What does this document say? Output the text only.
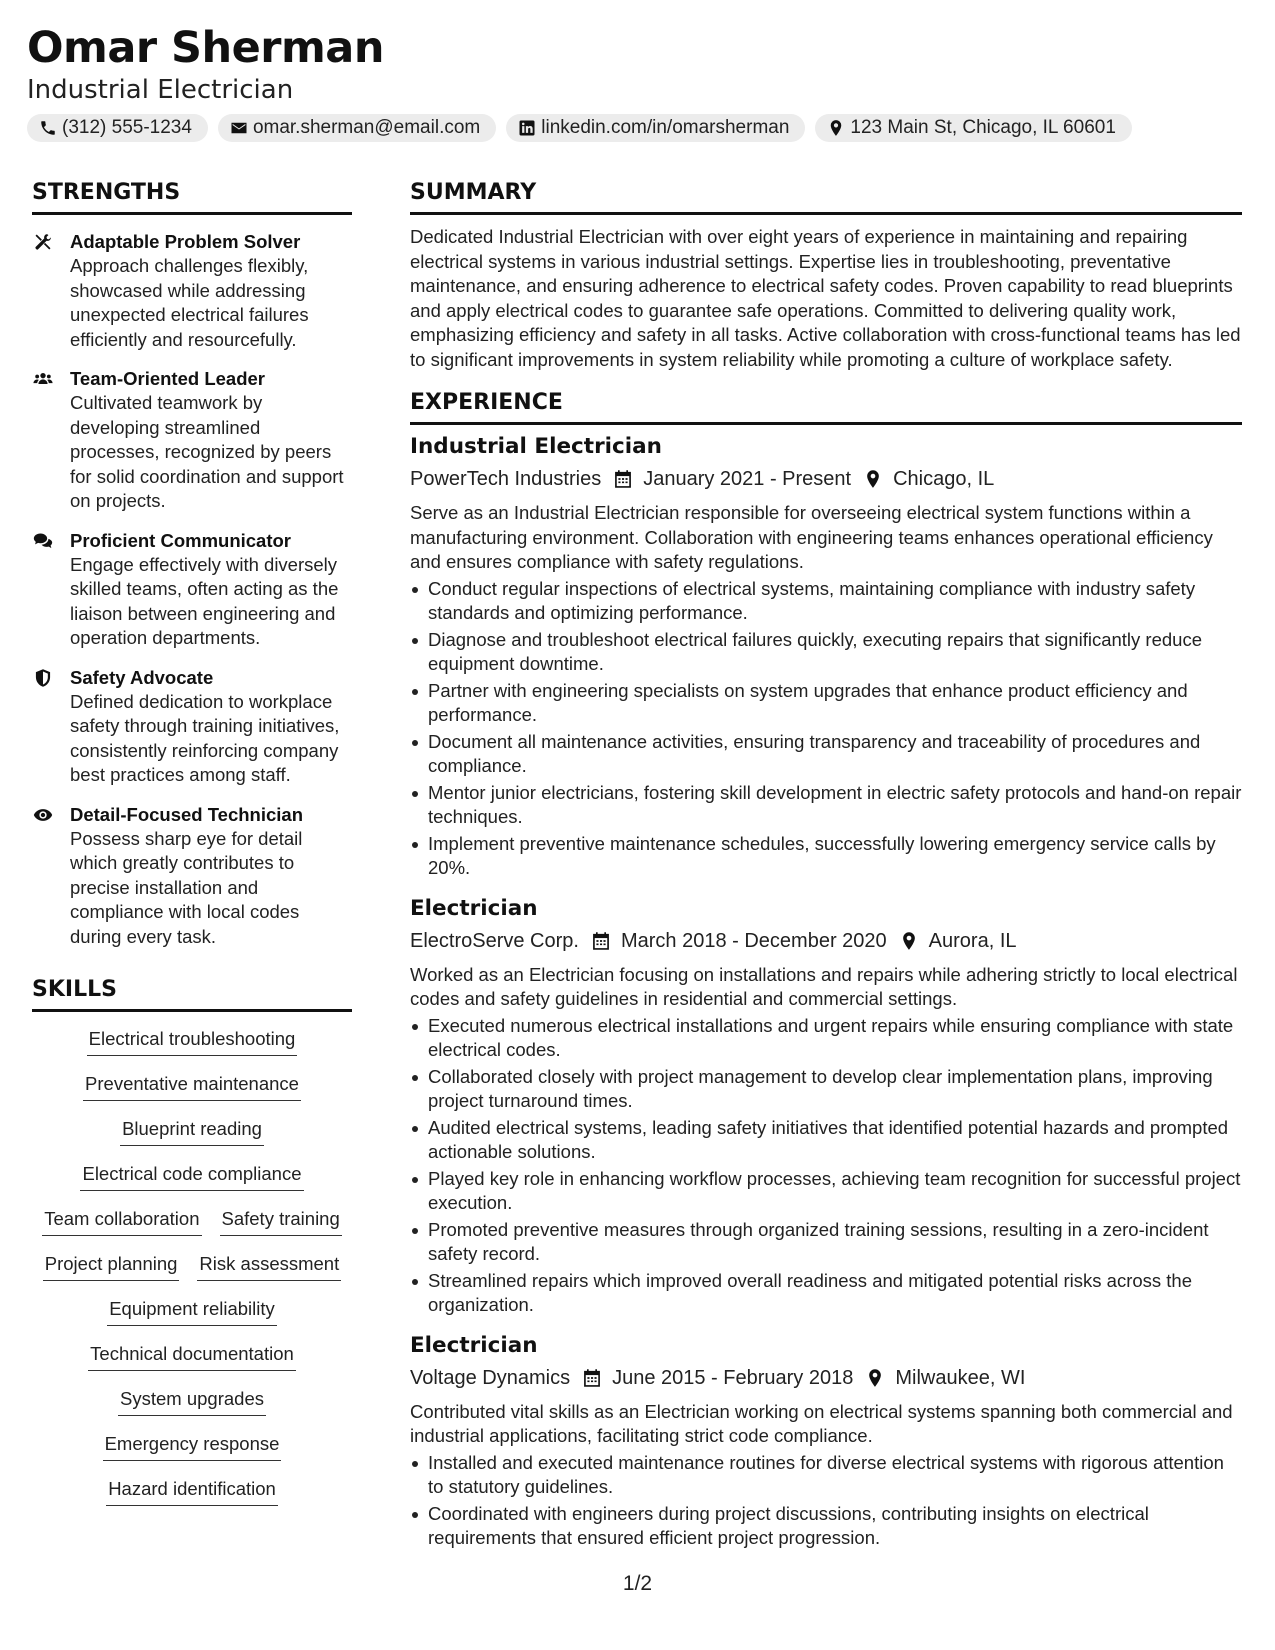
Omar Sherman
Industrial Electrician
(312) 555-1234	omar.sherman@email.com	linkedin.com/in/omarsherman	123 Main St, Chicago, IL 60601
STRENGTHS
Adaptable Problem Solver
Approach challenges flexibly, showcased while addressing unexpected electrical failures efficiently and resourcefully.
Team-Oriented Leader
Cultivated teamwork by developing streamlined processes, recognized by peers for solid coordination and support on projects.
Proficient Communicator
Engage effectively with diversely skilled teams, often acting as the liaison between engineering and operation departments.
Safety Advocate
Defined dedication to workplace safety through training initiatives, consistently reinforcing company best practices among staff.
Detail-Focused Technician
Possess sharp eye for detail which greatly contributes to precise installation and compliance with local codes during every task.
SKILLS
Electrical troubleshooting
Preventative maintenance
Blueprint reading
Electrical code compliance
Team collaboration Safety training
Project planning Risk assessment
Equipment reliability
Technical documentation
System upgrades
Emergency response
Hazard identification
SUMMARY
Dedicated Industrial Electrician with over eight years of experience in maintaining and repairing electrical systems in various industrial settings. Expertise lies in troubleshooting, preventative maintenance, and ensuring adherence to electrical safety codes. Proven capability to read blueprints and apply electrical codes to guarantee safe operations. Committed to delivering quality work, emphasizing efficiency and safety in all tasks. Active collaboration with cross-functional teams has led to significant improvements in system reliability while promoting a culture of workplace safety.
EXPERIENCE
Industrial Electrician
PowerTech Industries January 2021 - Present Chicago, IL
Serve as an Industrial Electrician responsible for overseeing electrical system functions within a manufacturing environment. Collaboration with engineering teams enhances operational efficiency and ensures compliance with safety regulations.
Conduct regular inspections of electrical systems, maintaining compliance with industry safety standards and optimizing performance.
Diagnose and troubleshoot electrical failures quickly, executing repairs that significantly reduce equipment downtime.
Partner with engineering specialists on system upgrades that enhance product efficiency and performance.
Document all maintenance activities, ensuring transparency and traceability of procedures and compliance.
Mentor junior electricians, fostering skill development in electric safety protocols and hand-on repair techniques.
Implement preventive maintenance schedules, successfully lowering emergency service calls by 20%.
Electrician
ElectroServe Corp. March 2018 - December 2020 Aurora, IL
Worked as an Electrician focusing on installations and repairs while adhering strictly to local electrical codes and safety guidelines in residential and commercial settings.
Executed numerous electrical installations and urgent repairs while ensuring compliance with state electrical codes.
Collaborated closely with project management to develop clear implementation plans, improving project turnaround times.
Audited electrical systems, leading safety initiatives that identified potential hazards and prompted actionable solutions.
Played key role in enhancing workflow processes, achieving team recognition for successful project execution.
Promoted preventive measures through organized training sessions, resulting in a zero-incident safety record.
Streamlined repairs which improved overall readiness and mitigated potential risks across the organization.
Electrician
Voltage Dynamics June 2015 - February 2018 Milwaukee, WI
Contributed vital skills as an Electrician working on electrical systems spanning both commercial and industrial applications, facilitating strict code compliance.
Installed and executed maintenance routines for diverse electrical systems with rigorous attention to statutory guidelines.
Coordinated with engineers during project discussions, contributing insights on electrical requirements that ensured efficient project progression.
1/2
